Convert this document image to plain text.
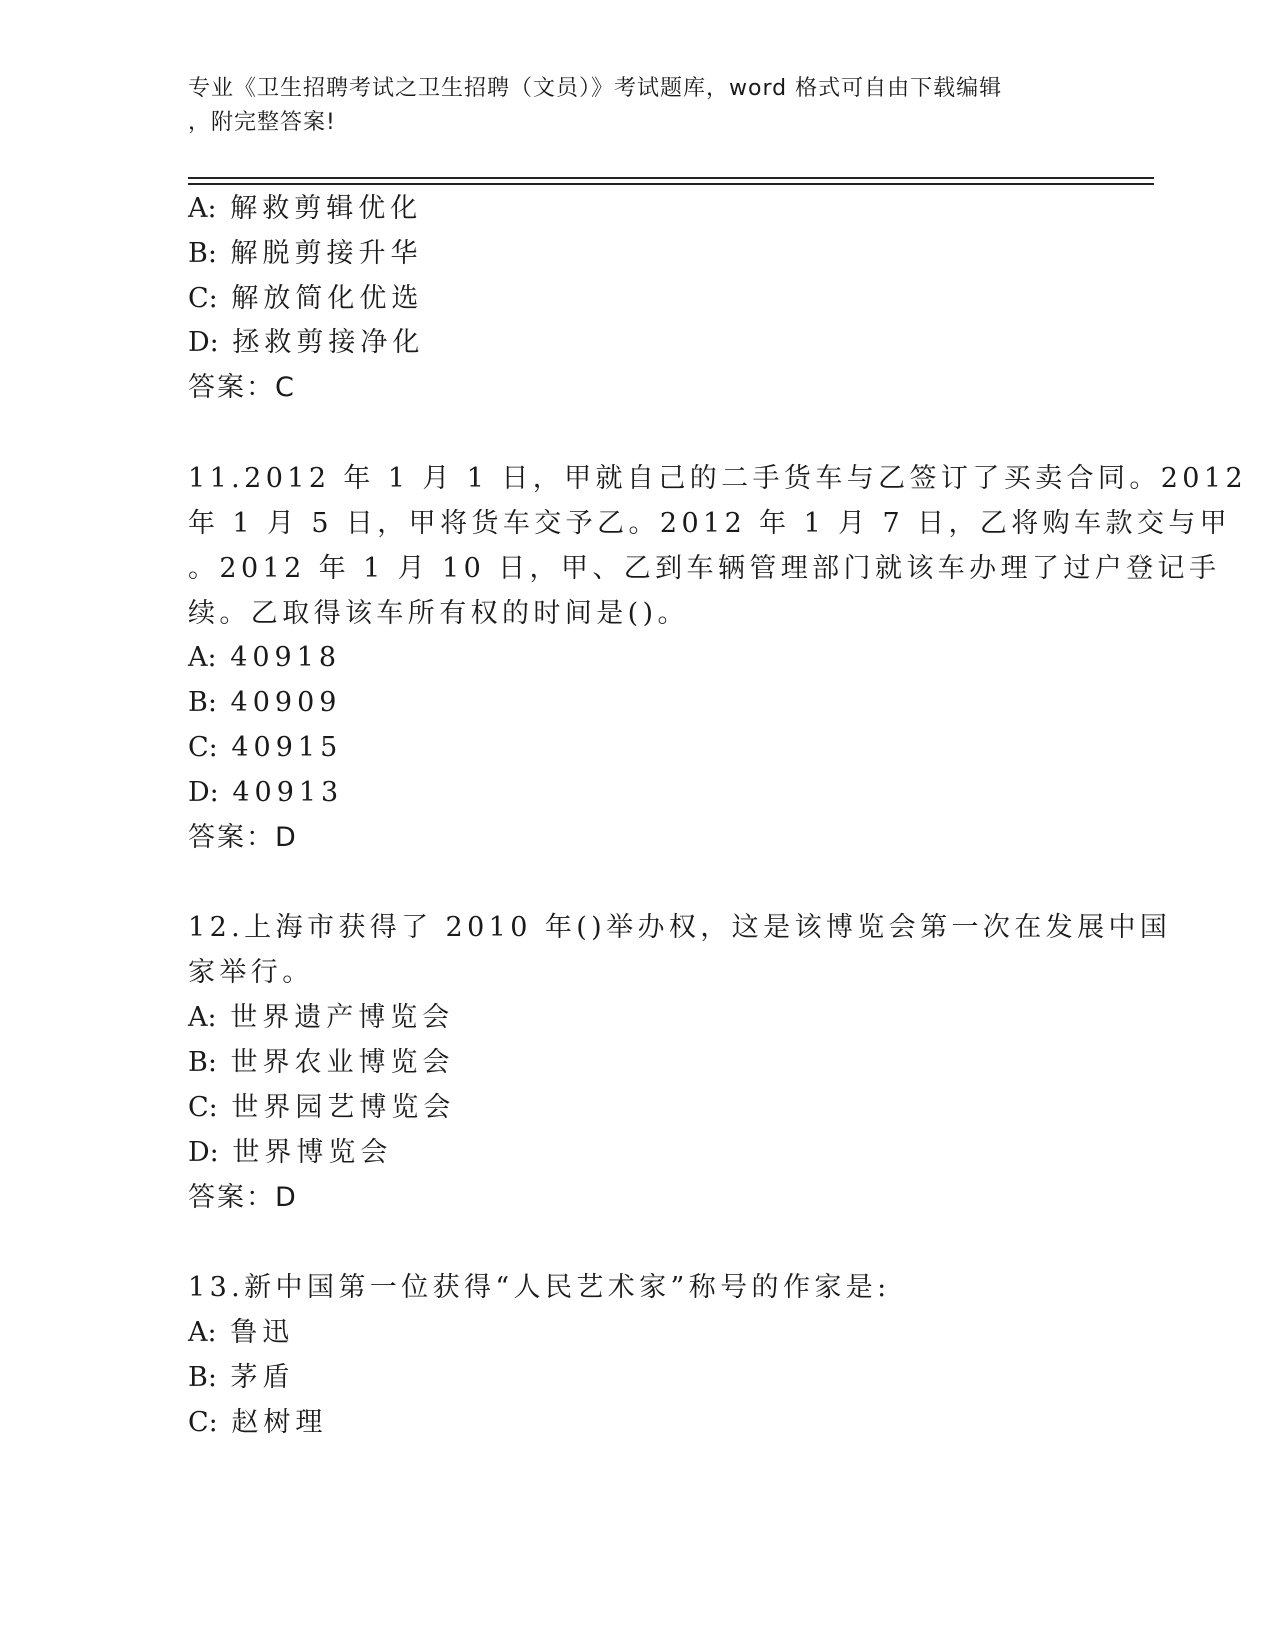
专业《卫生招聘考试之卫生招聘（文员）》考试题库，word 格式可自由下载编辑
，附完整答案!
A: 解救剪辑优化
B: 解脱剪接升华
C: 解放简化优选
D: 拯救剪接净化
答案：C
11.2012 年 1 月 1 日，甲就自己的二手货车与乙签订了买卖合同。2012
年 1 月 5 日，甲将货车交予乙。2012 年 1 月 7 日，乙将购车款交与甲
。2012 年 1 月 10 日，甲、乙到车辆管理部门就该车办理了过户登记手
续。乙取得该车所有权的时间是()。
A: 40918
B: 40909
C: 40915
D: 40913
答案：D
12.上海市获得了 2010 年()举办权，这是该博览会第一次在发展中国
家举行。
A: 世界遗产博览会
B: 世界农业博览会
C: 世界园艺博览会
D: 世界博览会
答案：D
13.新中国第一位获得“人民艺术家”称号的作家是:
A: 鲁迅
B: 茅盾
C: 赵树理
